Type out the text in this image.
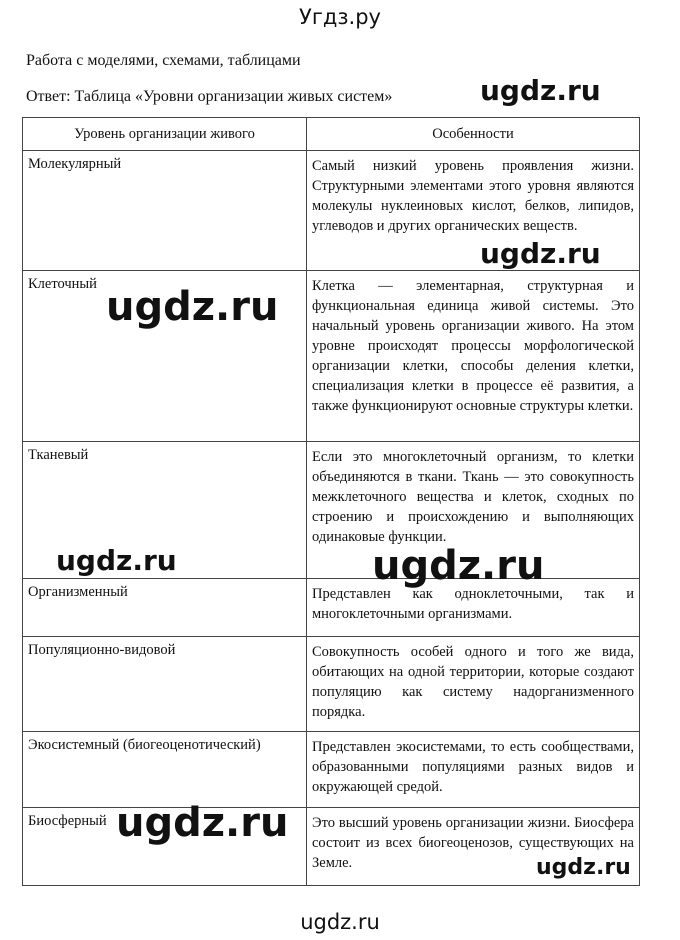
Угдз.ру
Работа с моделями, схемами, таблицами
Ответ: Таблица «Уровни организации живых систем»
Уровень организации живого	Особенности
Молекулярный	Самый низкий уровень проявления жизни. Структурными элементами этого уровня являются молекулы нуклеиновых кислот, белков, липидов, углеводов и других органических веществ.
Клеточный	Клетка — элементарная, структурная и функциональная единица живой системы. Это начальный уровень организации живого. На этом уровне происходят процессы морфологической организации клетки, способы деления клетки, специализация клетки в процессе её развития, а также функционируют основные структуры клетки.
Тканевый	Если это многоклеточный организм, то клетки объединяются в ткани. Ткань — это совокупность межклеточного вещества и клеток, сходных по строению и происхождению и выполняющих одинаковые функции.
Организменный	Представлен как одноклеточными, так и многоклеточными организмами.
Популяционно-видовой	Совокупность особей одного и того же вида, обитающих на одной территории, которые создают популяцию как систему надорганизменного порядка.
Экосистемный (биогеоценотический)	Представлен экосистемами, то есть сообществами, образованными популяциями разных видов и окружающей средой.
Биосферный	Это высший уровень организации жизни. Биосфера состоит из всех биогеоценозов, существующих на Земле.
ugdz.ru
ugdz.ru
ugdz.ru
ugdz.ru	ugdz.ru
ugdz.ru
ugdz.ru
ugdz.ru
